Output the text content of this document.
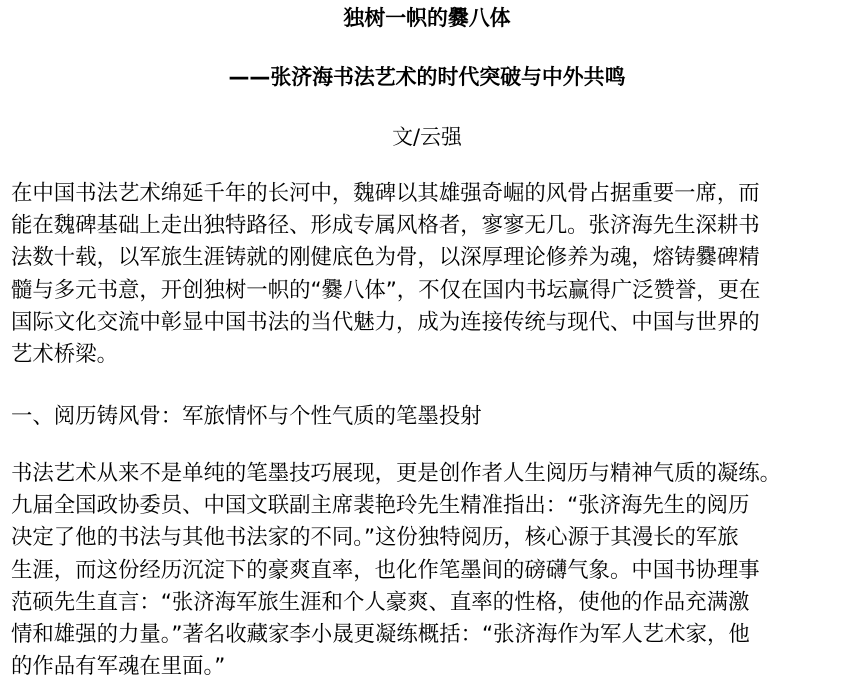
独树一帜的爨八体
——张济海书法艺术的时代突破与中外共鸣
文/云强
在中国书法艺术绵延千年的长河中，魏碑以其雄强奇崛的风骨占据重要一席，而
能在魏碑基础上走出独特路径、形成专属风格者，寥寥无几。张济海先生深耕书
法数十载，以军旅生涯铸就的刚健底色为骨，以深厚理论修养为魂，熔铸爨碑精
髓与多元书意，开创独树一帜的“爨八体”，不仅在国内书坛赢得广泛赞誉，更在
国际文化交流中彰显中国书法的当代魅力，成为连接传统与现代、中国与世界的
艺术桥梁。
一、阅历铸风骨：军旅情怀与个性气质的笔墨投射
书法艺术从来不是单纯的笔墨技巧展现，更是创作者人生阅历与精神气质的凝练。
九届全国政协委员、中国文联副主席裴艳玲先生精准指出：“张济海先生的阅历
决定了他的书法与其他书法家的不同。”这份独特阅历，核心源于其漫长的军旅
生涯，而这份经历沉淀下的豪爽直率，也化作笔墨间的磅礴气象。中国书协理事
范硕先生直言：“张济海军旅生涯和个人豪爽、直率的性格，使他的作品充满激
情和雄强的力量。”著名收藏家李小晟更凝练概括：“张济海作为军人艺术家，他
的作品有军魂在里面。”
